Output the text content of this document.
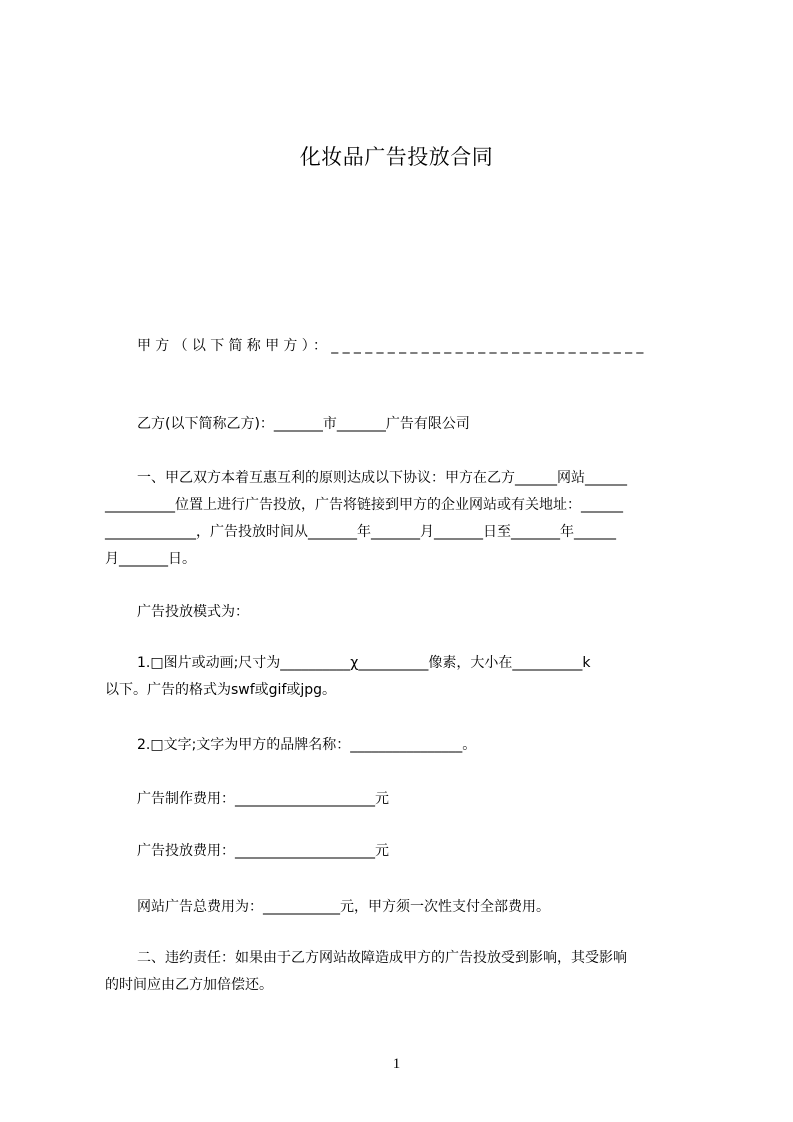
化妆品广告投放合同
甲方（以下简称甲方）：____________________________
乙方(以下简称乙方)：_______市_______广告有限公司
一、甲乙双方本着互惠互利的原则达成以下协议：甲方在乙方______网站______
__________位置上进行广告投放，广告将链接到甲方的企业网站或有关地址：______
_____________，广告投放时间从_______年_______月_______日至_______年______
月_______日。
广告投放模式为：
1.□图片或动画;尺寸为__________χ__________像素，大小在__________k
以下。广告的格式为swf或gif或jpg。
2.□文字;文字为甲方的品牌名称：________________。
广告制作费用：____________________元
广告投放费用：____________________元
网站广告总费用为：___________元，甲方须一次性支付全部费用。
二、违约责任：如果由于乙方网站故障造成甲方的广告投放受到影响，其受影响
的时间应由乙方加倍偿还。
1
